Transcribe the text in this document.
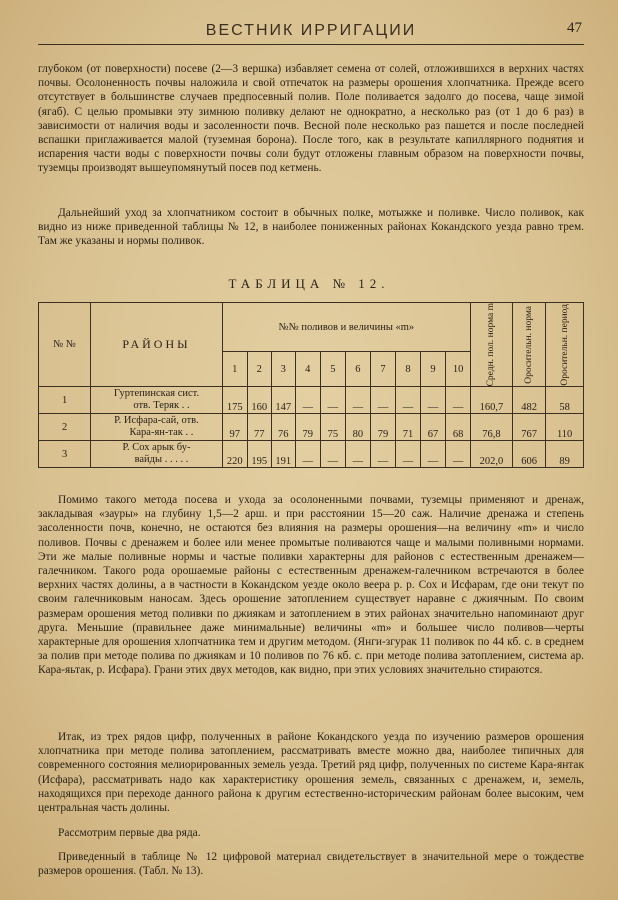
ВЕСТНИК ИРРИГАЦИИ	47
глубоком (от поверхности) посеве (2—3 вершка) избавляет семена от солей, отложившихся в верхних частях почвы. Осолоненность почвы наложила и свой отпечаток на размеры орошения хлопчатника. Прежде всего отсутствует в большинстве случаев предпосевный полив. Поле поливается задолго до посева, чаще зимой (ягаб). С целью промывки эту зимнюю поливку делают не однократно, а несколько раз (от 1 до 6 раз) в зависимости от наличия воды и засоленности почв. Весной поле несколько раз пашется и после последней вспашки приглаживается малой (туземная борона). После того, как в результате капиллярного поднятия и испарения части воды с поверхности почвы соли будут отложены главным образом на поверхности почвы, туземцы производят вышеупомянутый посев под кетмень.
Дальнейший уход за хлопчатником состоит в обычных полке, мотыжке и поливке. Число поливок, как видно из ниже приведенной таблицы № 12, в наиболее пониженных районах Кокандского уезда равно трем. Там же указаны и нормы поливок.
ТАБЛИЦА № 12.
№ №	РАЙОНЫ	№№ поливов и величины «m»										Средн. пол. норма m	Оросительн. норма	Оросительн. период

		1	2	3	4	5	6	7	8	9	10			
1	Гуртепинская сист.
отв. Теряк . .	175	160	147	—	—	—	—	—	—	—	160,7	482	58
2	Р. Исфара-сай, отв.
Кара-ян-так . .	97	77	76	79	75	80	79	71	67	68	76,8	767	110
3	Р. Сох арык бу-
вайды . . . . .	220	195	191	—	—	—	—	—	—	—	202,0	606	89
Помимо такого метода посева и ухода за осолоненными почвами, туземцы применяют и дренаж, закладывая «зауры» на глубину 1,5—2 арш. и при расстоянии 15—20 саж. Наличие дренажа и степень засоленности почв, конечно, не остаются без влияния на размеры орошения—на величину «m» и число поливов. Почвы с дренажем и более или менее промытые поливаются чаще и малыми поливными нормами. Эти же малые поливные нормы и частые поливки характерны для районов с естественным дренажем—галечником. Такого рода орошаемые районы с естественным дренажем-галечником встречаются в более верхних частях долины, а в частности в Кокандском уезде около веера р. р. Сох и Исфарам, где они текут по своим галечниковым наносам. Здесь орошение затоплением существует наравне с джиячным. По своим размерам орошения метод поливки по джиякам и затоплением в этих районах значительно напоминают друг друга. Меньшие (правильнее даже минимальные) величины «m» и большее число поливов—черты характерные для орошения хлопчатника тем и другим методом. (Янги-згурак 11 поливок по 44 кб. с. в среднем за полив при методе полива по джиякам и 10 поливов по 76 кб. с. при методе полива затоплением, система ар. Кара-яьтак, р. Исфара). Грани этих двух методов, как видно, при этих условиях значительно стираются.
Итак, из трех рядов цифр, полученных в районе Кокандского уезда по изучению размеров орошения хлопчатника при методе полива затоплением, рассматривать вместе можно два, наиболее типичных для современного состояния мелиорированных земель уезда. Третий ряд цифр, полученных по системе Кара-янтак (Исфара), рассматривать надо как характеристику орошения земель, связанных с дренажем, и, земель, находящихся при переходе данного района к другим естественно-историческим районам более высоким, чем центральная часть долины.
Рассмотрим первые два ряда.
Приведенный в таблице № 12 цифровой материал свидетельствует в значительной мере о тождестве размеров орошения. (Табл. № 13).
